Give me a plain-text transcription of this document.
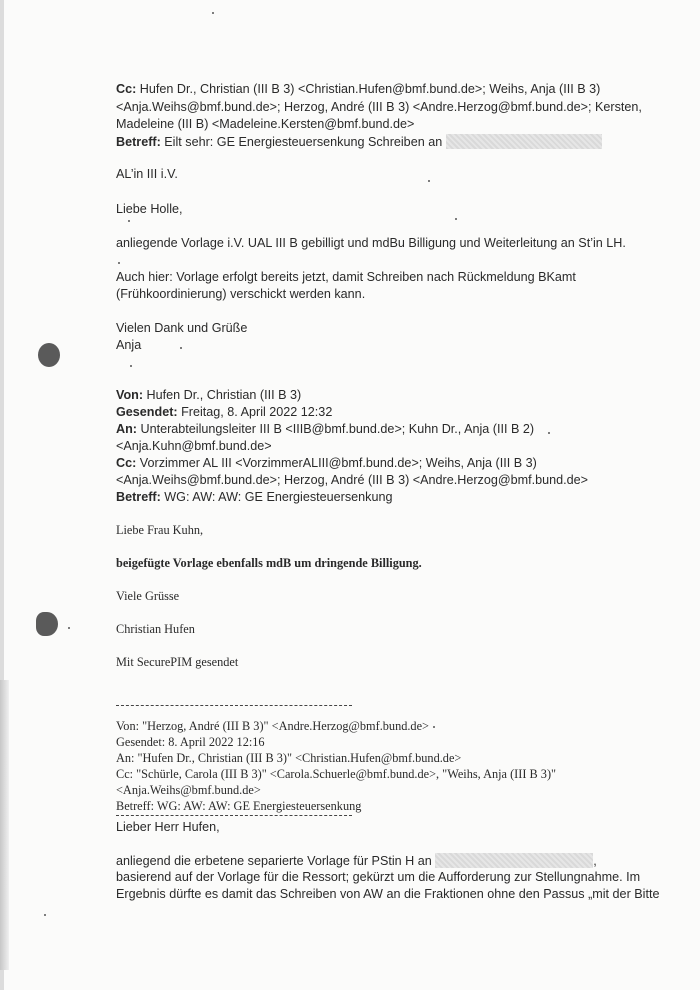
Cc: Hufen Dr., Christian (III B 3) <Christian.Hufen@bmf.bund.de>; Weihs, Anja (III B 3)
<Anja.Weihs@bmf.bund.de>; Herzog, André (III B 3) <Andre.Herzog@bmf.bund.de>; Kersten,
Madeleine (III B) <Madeleine.Kersten@bmf.bund.de>
Betreff: Eilt sehr: GE Energiesteuersenkung Schreiben an
AL’in III i.V.
Liebe Holle,
anliegende Vorlage i.V. UAL III B gebilligt und mdBu Billigung und Weiterleitung an St’in LH.
Auch hier: Vorlage erfolgt bereits jetzt, damit Schreiben nach Rückmeldung BKamt
(Frühkoordinierung) verschickt werden kann.
Vielen Dank und Grüße
Anja
Von: Hufen Dr., Christian (III B 3)
Gesendet: Freitag, 8. April 2022 12:32
An: Unterabteilungsleiter III B <IIIB@bmf.bund.de>; Kuhn Dr., Anja (III B 2)
<Anja.Kuhn@bmf.bund.de>
Cc: Vorzimmer AL III <VorzimmerALIII@bmf.bund.de>; Weihs, Anja (III B 3)
<Anja.Weihs@bmf.bund.de>; Herzog, André (III B 3) <Andre.Herzog@bmf.bund.de>
Betreff: WG: AW: AW: GE Energiesteuersenkung
Liebe Frau Kuhn,
beigefügte Vorlage ebenfalls mdB um dringende Billigung.
Viele Grüsse
Christian Hufen
Mit SecurePIM gesendet
Von: "Herzog, André (III B 3)" <Andre.Herzog@bmf.bund.de>
Gesendet: 8. April 2022 12:16
An: "Hufen Dr., Christian (III B 3)" <Christian.Hufen@bmf.bund.de>
Cc: "Schürle, Carola (III B 3)" <Carola.Schuerle@bmf.bund.de>, "Weihs, Anja (III B 3)"
<Anja.Weihs@bmf.bund.de>
Betreff: WG: AW: AW: GE Energiesteuersenkung
Lieber Herr Hufen,
anliegend die erbetene separierte Vorlage für PStin H an	,
basierend auf der Vorlage für die Ressort; gekürzt um die Aufforderung zur Stellungnahme. Im
Ergebnis dürfte es damit das Schreiben von AW an die Fraktionen ohne den Passus „mit der Bitte
